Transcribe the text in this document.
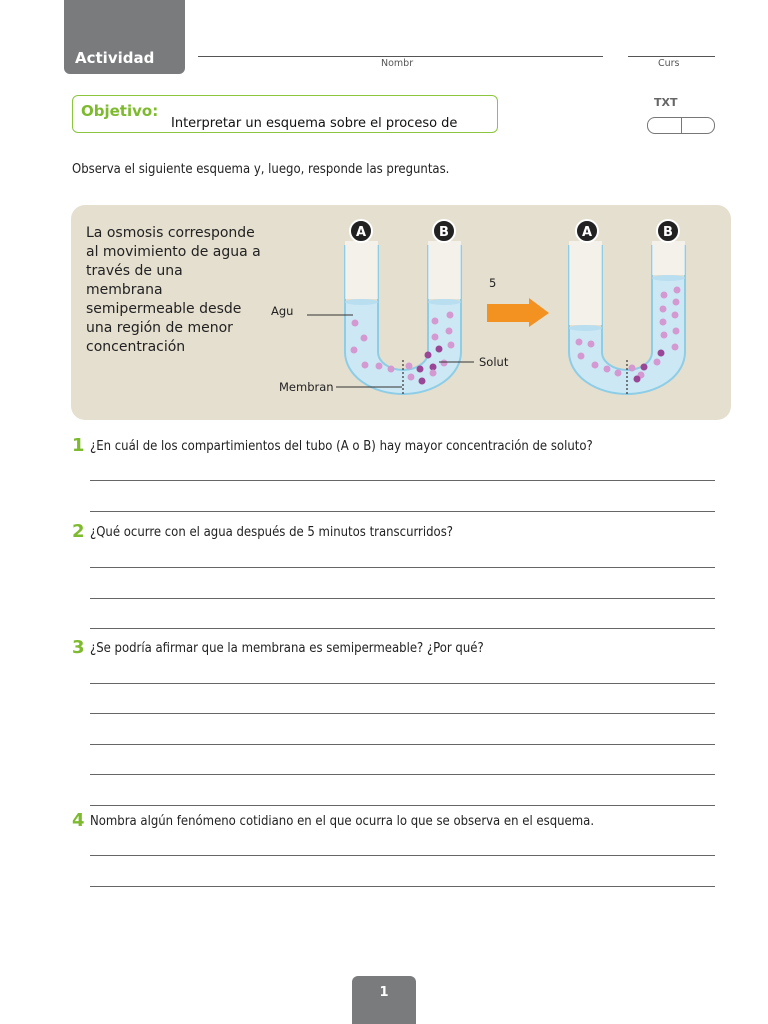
Actividad	Nombr	Curs
Objetivo:
Interpretar un esquema sobre el proceso de
TXT
Observa el siguiente esquema y, luego, responde las preguntas.
La osmosis corresponde al movimiento de agua a través de una membrana semipermeable desde una región de menor concentración
A	B
Agu
Solut
Membran
5
A	B
1 ¿En cuál de los compartimientos del tubo (A o B) hay mayor concentración de soluto?
2 ¿Qué ocurre con el agua después de 5 minutos transcurridos?
3 ¿Se podría afirmar que la membrana es semipermeable? ¿Por qué?
4 Nombra algún fenómeno cotidiano en el que ocurra lo que se observa en el esquema.
1
